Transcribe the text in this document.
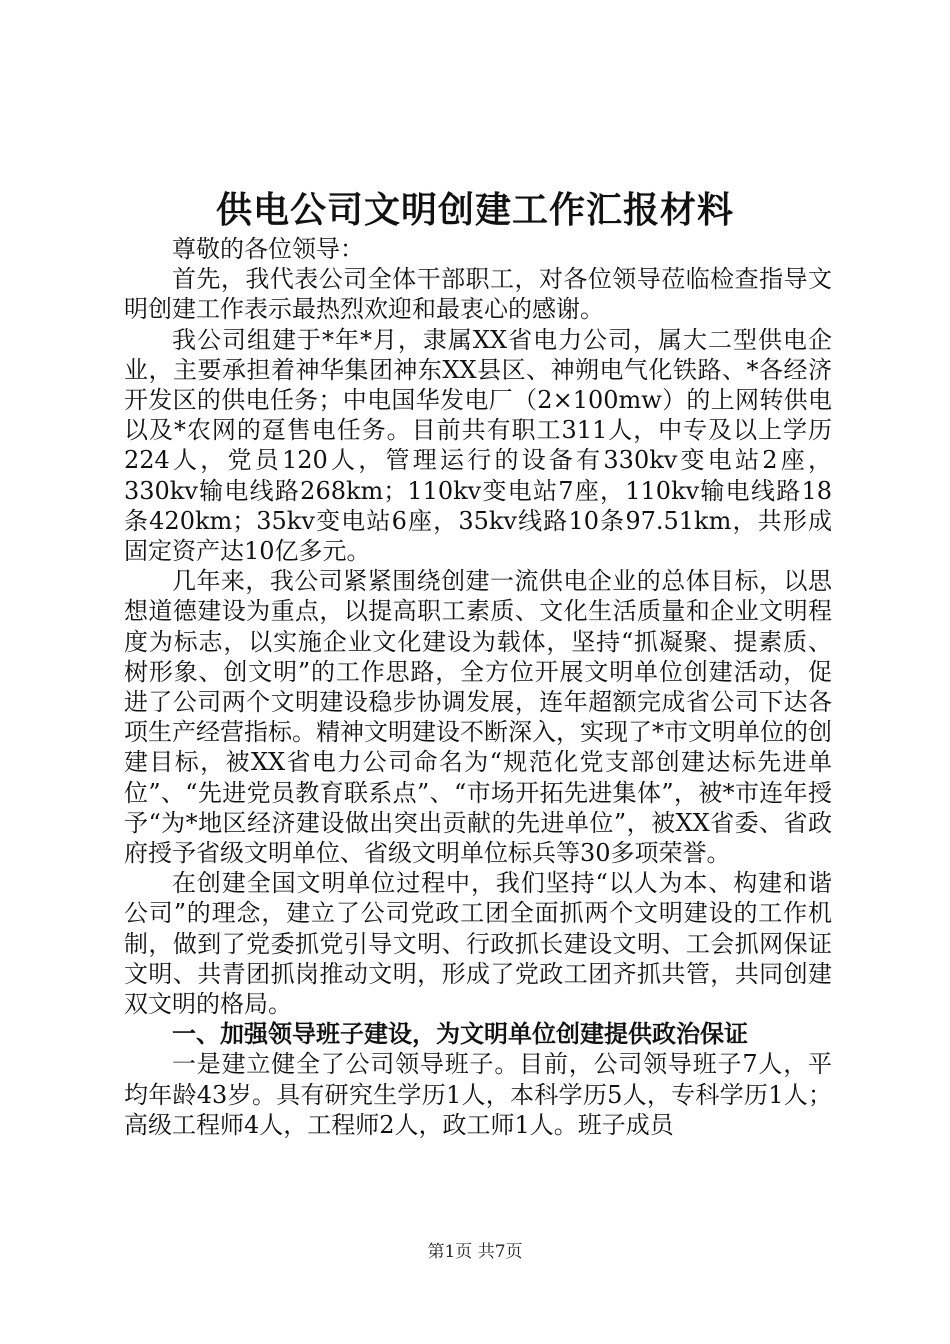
供电公司文明创建工作汇报材料

尊敬的各位领导：

首先，我代表公司全体干部职工，对各位领导莅临检查指导文明创建工作表示最热烈欢迎和最衷心的感谢。

我公司组建于*年*月，隶属XX省电力公司，属大二型供电企业，主要承担着神华集团神东XX县区、神朔电气化铁路、*各经济开发区的供电任务；中电国华发电厂（2×100mw）的上网转供电以及*农网的趸售电任务。目前共有职工311人，中专及以上学历224人，党员120人，管理运行的设备有330kv变电站2座，330kv输电线路268km；110kv变电站7座，110kv输电线路18条420km；35kv变电站6座，35kv线路10条97.51km，共形成固定资产达10亿多元。

几年来，我公司紧紧围绕创建一流供电企业的总体目标，以思想道德建设为重点，以提高职工素质、文化生活质量和企业文明程度为标志，以实施企业文化建设为载体，坚持“抓凝聚、提素质、树形象、创文明”的工作思路，全方位开展文明单位创建活动，促进了公司两个文明建设稳步协调发展，连年超额完成省公司下达各项生产经营指标。精神文明建设不断深入，实现了*市文明单位的创建目标，被XX省电力公司命名为“规范化党支部创建达标先进单位”、“先进党员教育联系点”、“市场开拓先进集体”，被*市连年授予“为*地区经济建设做出突出贡献的先进单位”，被XX省委、省政府授予省级文明单位、省级文明单位标兵等30多项荣誉。

在创建全国文明单位过程中，我们坚持“以人为本、构建和谐公司”的理念，建立了公司党政工团全面抓两个文明建设的工作机制，做到了党委抓党引导文明、行政抓长建设文明、工会抓网保证文明、共青团抓岗推动文明，形成了党政工团齐抓共管，共同创建双文明的格局。

一、加强领导班子建设，为文明单位创建提供政治保证

一是建立健全了公司领导班子。目前，公司领导班子7人，平均年龄43岁。具有研究生学历1人，本科学历5人，专科学历1人；高级工程师4人，工程师2人，政工师1人。班子成员

第1页 共7页
